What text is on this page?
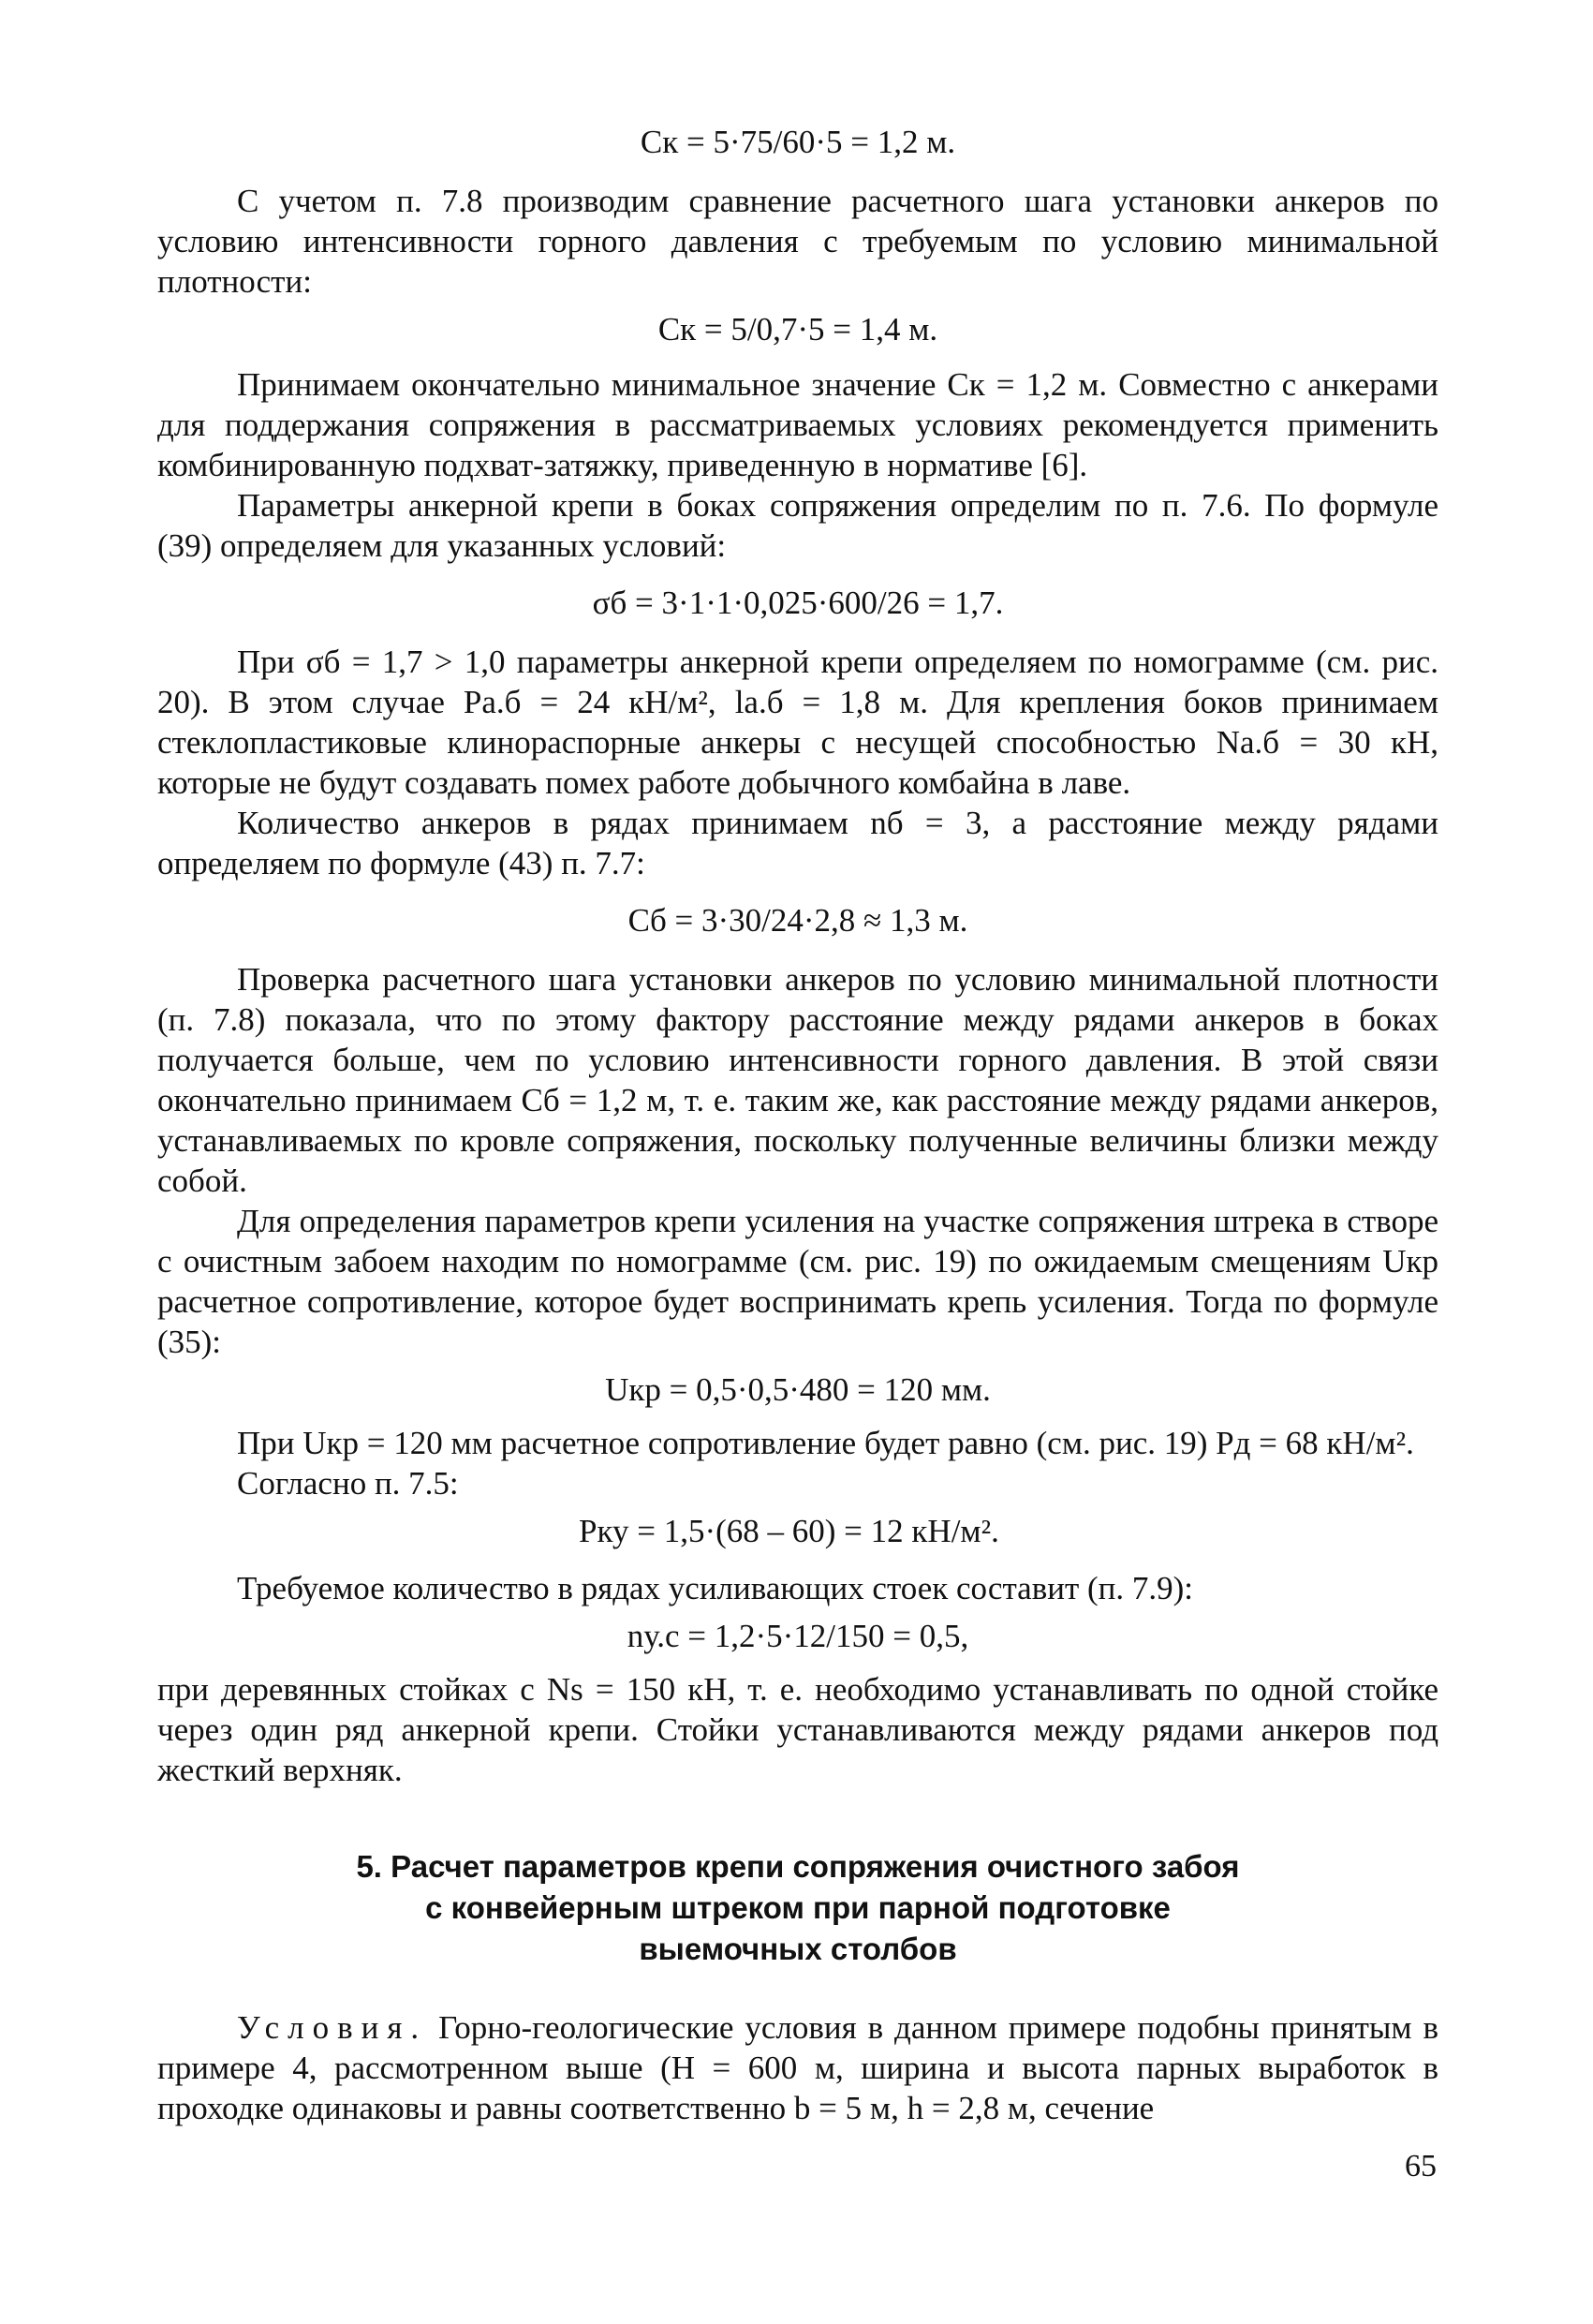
Cк = 5·75/60·5 = 1,2 м.

С учетом п. 7.8 производим сравнение расчетного шага установки анкеров по условию интенсивности горного давления с требуемым по условию минимальной плотности:

Cк = 5/0,7·5 = 1,4 м.

Принимаем окончательно минимальное значение Cк = 1,2 м. Совместно с анкерами для поддержания сопряжения в рассматриваемых условиях рекомендуется применить комбинированную подхват-затяжку, приведенную в нормативе [6].

Параметры анкерной крепи в боках сопряжения определим по п. 7.6. По формуле (39) определяем для указанных условий:

σб = 3·1·1·0,025·600/26 = 1,7.

При σб = 1,7 > 1,0 параметры анкерной крепи определяем по номограмме (см. рис. 20). В этом случае Pа.б = 24 кН/м², lа.б = 1,8 м. Для крепления боков принимаем стеклопластиковые клинораспорные анкеры с несущей способностью Nа.б = 30 кН, которые не будут создавать помех работе добычного комбайна в лаве.

Количество анкеров в рядах принимаем nб = 3, а расстояние между рядами определяем по формуле (43) п. 7.7:

Cб = 3·30/24·2,8 ≈ 1,3 м.

Проверка расчетного шага установки анкеров по условию минимальной плотности (п. 7.8) показала, что по этому фактору расстояние между рядами анкеров в боках получается больше, чем по условию интенсивности горного давления. В этой связи окончательно принимаем Cб = 1,2 м, т. е. таким же, как расстояние между рядами анкеров, устанавливаемых по кровле сопряжения, поскольку полученные величины близки между собой.

Для определения параметров крепи усиления на участке сопряжения штрека в створе с очистным забоем находим по номограмме (см. рис. 19) по ожидаемым смещениям Uкр расчетное сопротивление, которое будет воспринимать крепь усиления. Тогда по формуле (35):

Uкр = 0,5·0,5·480 = 120 мм.

При Uкр = 120 мм расчетное сопротивление будет равно (см. рис. 19) Pд = 68 кН/м².

Согласно п. 7.5:

Pку = 1,5·(68 – 60) = 12 кН/м².

Требуемое количество в рядах усиливающих стоек составит (п. 7.9):

nу.с = 1,2·5·12/150 = 0,5,

при деревянных стойках с Ns = 150 кН, т. е. необходимо устанавливать по одной стойке через один ряд анкерной крепи. Стойки устанавливаются между рядами анкеров под жесткий верхняк.

5. Расчет параметров крепи сопряжения очистного забоя
с конвейерным штреком при парной подготовке
выемочных столбов

Условия. Горно-геологические условия в данном примере подобны принятым в примере 4, рассмотренном выше (H = 600 м, ширина и высота парных выработок в проходке одинаковы и равны соответственно b = 5 м, h = 2,8 м, сечение

65
